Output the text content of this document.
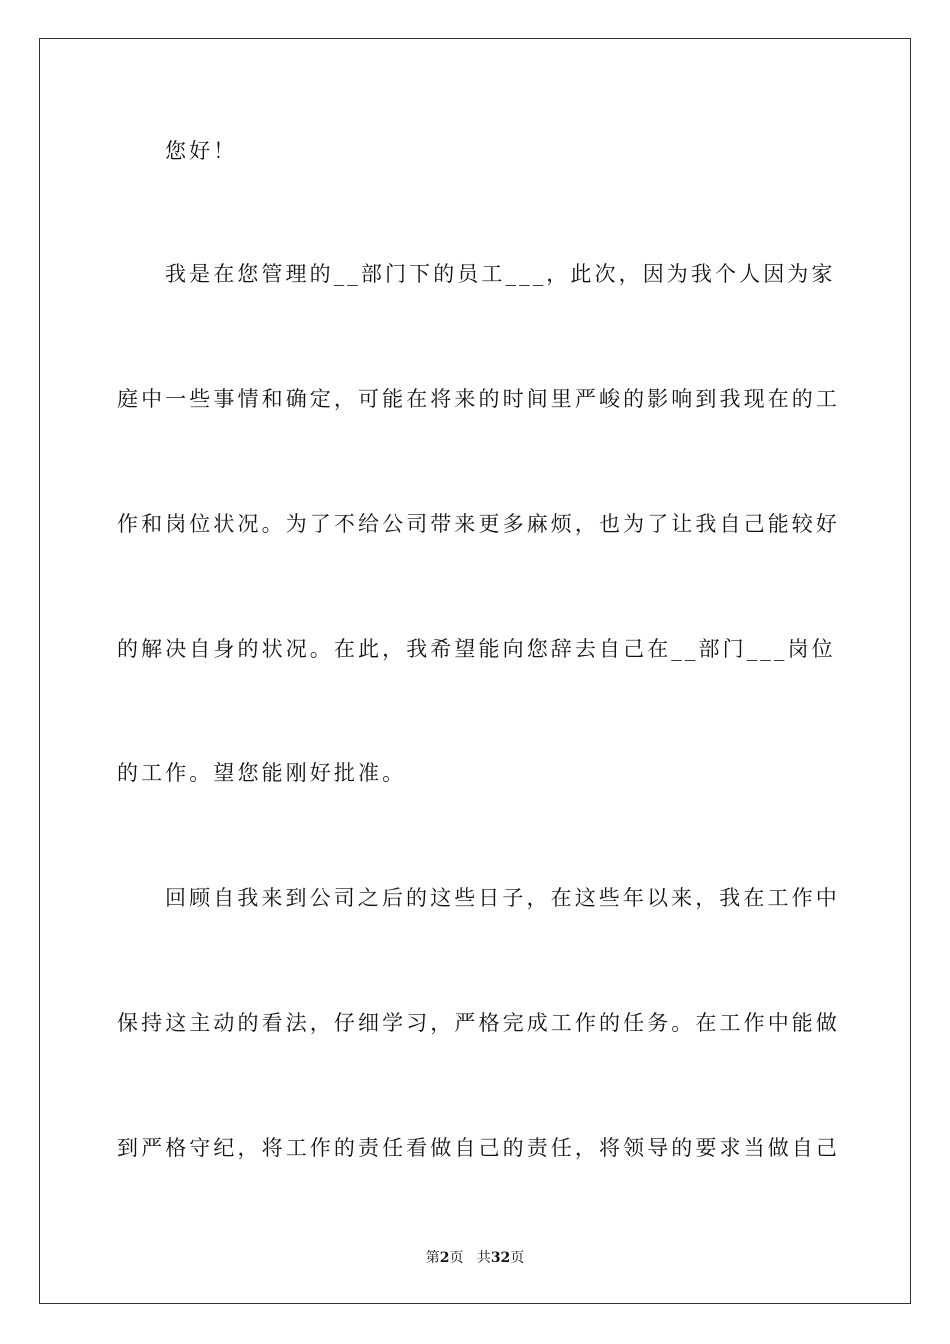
您好！

我是在您管理的__部门下的员工___，此次，因为我个人因为家

庭中一些事情和确定，可能在将来的时间里严峻的影响到我现在的工

作和岗位状况。为了不给公司带来更多麻烦，也为了让我自己能较好

的解决自身的状况。在此，我希望能向您辞去自己在__部门___岗位

的工作。望您能刚好批准。

回顾自我来到公司之后的这些日子，在这些年以来，我在工作中

保持这主动的看法，仔细学习，严格完成工作的任务。在工作中能做

到严格守纪，将工作的责任看做自己的责任，将领导的要求当做自己

第2页 共32页
